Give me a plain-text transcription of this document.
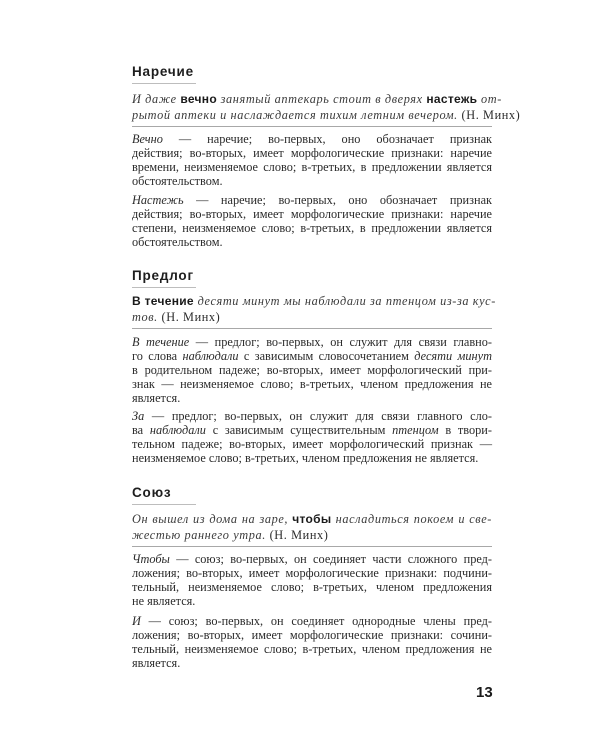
Наречие
И даже вечно занятый аптекарь стоит в дверях настежь от-
рытой аптеки и наслаждается тихим летним вечером. (Н. Минх)
Вечно — наречие; во-первых, оно обозначает признак
действия; во-вторых, имеет морфологические признаки: наречие
времени, неизменяемое слово; в-третьих, в предложении является
обстоятельством.
Настежь — наречие; во-первых, оно обозначает признак
действия; во-вторых, имеет морфологические признаки: наречие
степени, неизменяемое слово; в-третьих, в предложении является
обстоятельством.
Предлог
В течение десяти минут мы наблюдали за птенцом из-за кус-
тов. (Н. Минх)
В течение — предлог; во-первых, он служит для связи главно-
го слова наблюдали с зависимым словосочетанием десяти минут
в родительном падеже; во-вторых, имеет морфологический при-
знак — неизменяемое слово; в-третьих, членом предложения не
является.
За — предлог; во-первых, он служит для связи главного сло-
ва наблюдали с зависимым существительным птенцом в твори-
тельном падеже; во-вторых, имеет морфологический признак —
неизменяемое слово; в-третьих, членом предложения не является.
Союз
Он вышел из дома на заре, чтобы насладиться покоем и све-
жестью раннего утра. (Н. Минх)
Чтобы — союз; во-первых, он соединяет части сложного пред-
ложения; во-вторых, имеет морфологические признаки: подчини-
тельный, неизменяемое слово; в-третьих, членом предложения
не является.
И — союз; во-первых, он соединяет однородные члены пред-
ложения; во-вторых, имеет морфологические признаки: сочини-
тельный, неизменяемое слово; в-третьих, членом предложения не
является.
13
